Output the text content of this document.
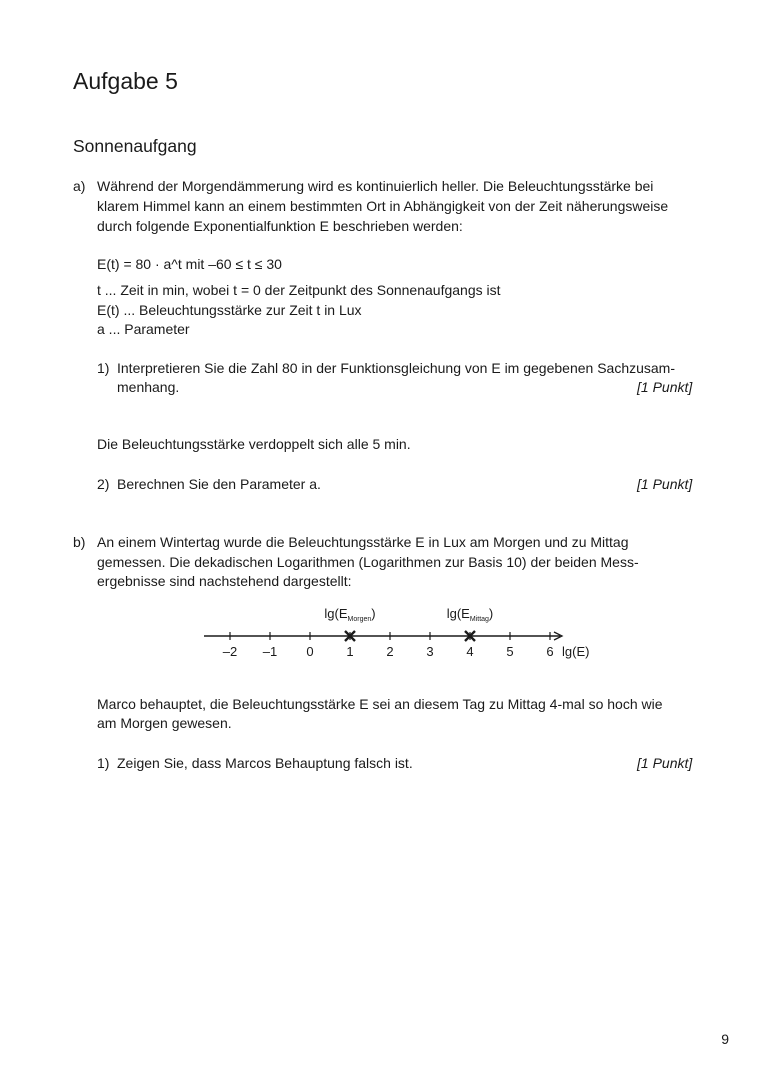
Aufgabe 5
Sonnenaufgang
a) Während der Morgendämmerung wird es kontinuierlich heller. Die Beleuchtungsstärke bei
klarem Himmel kann an einem bestimmten Ort in Abhängigkeit von der Zeit näherungsweise
durch folgende Exponentialfunktion E beschrieben werden:
E(t) = 80 · a^t mit –60 ≤ t ≤ 30
t ... Zeit in min, wobei t = 0 der Zeitpunkt des Sonnenaufgangs ist
E(t) ... Beleuchtungsstärke zur Zeit t in Lux
a ... Parameter
1) Interpretieren Sie die Zahl 80 in der Funktionsgleichung von E im gegebenen Sachzusam-
menhang.	[1 Punkt]
Die Beleuchtungsstärke verdoppelt sich alle 5 min.
2) Berechnen Sie den Parameter a.	[1 Punkt]
b) An einem Wintertag wurde die Beleuchtungsstärke E in Lux am Morgen und zu Mittag
gemessen. Die dekadischen Logarithmen (Logarithmen zur Basis 10) der beiden Mess-
ergebnisse sind nachstehend dargestellt:
–2 –1 0	1	2	3	4	5	6
$\lg(E_{Morgen})$	$\lg(E_{Mittag})$
lg(E)
Marco behauptet, die Beleuchtungsstärke E sei an diesem Tag zu Mittag 4-mal so hoch wie
am Morgen gewesen.
1) Zeigen Sie, dass Marcos Behauptung falsch ist.	[1 Punkt]
9
